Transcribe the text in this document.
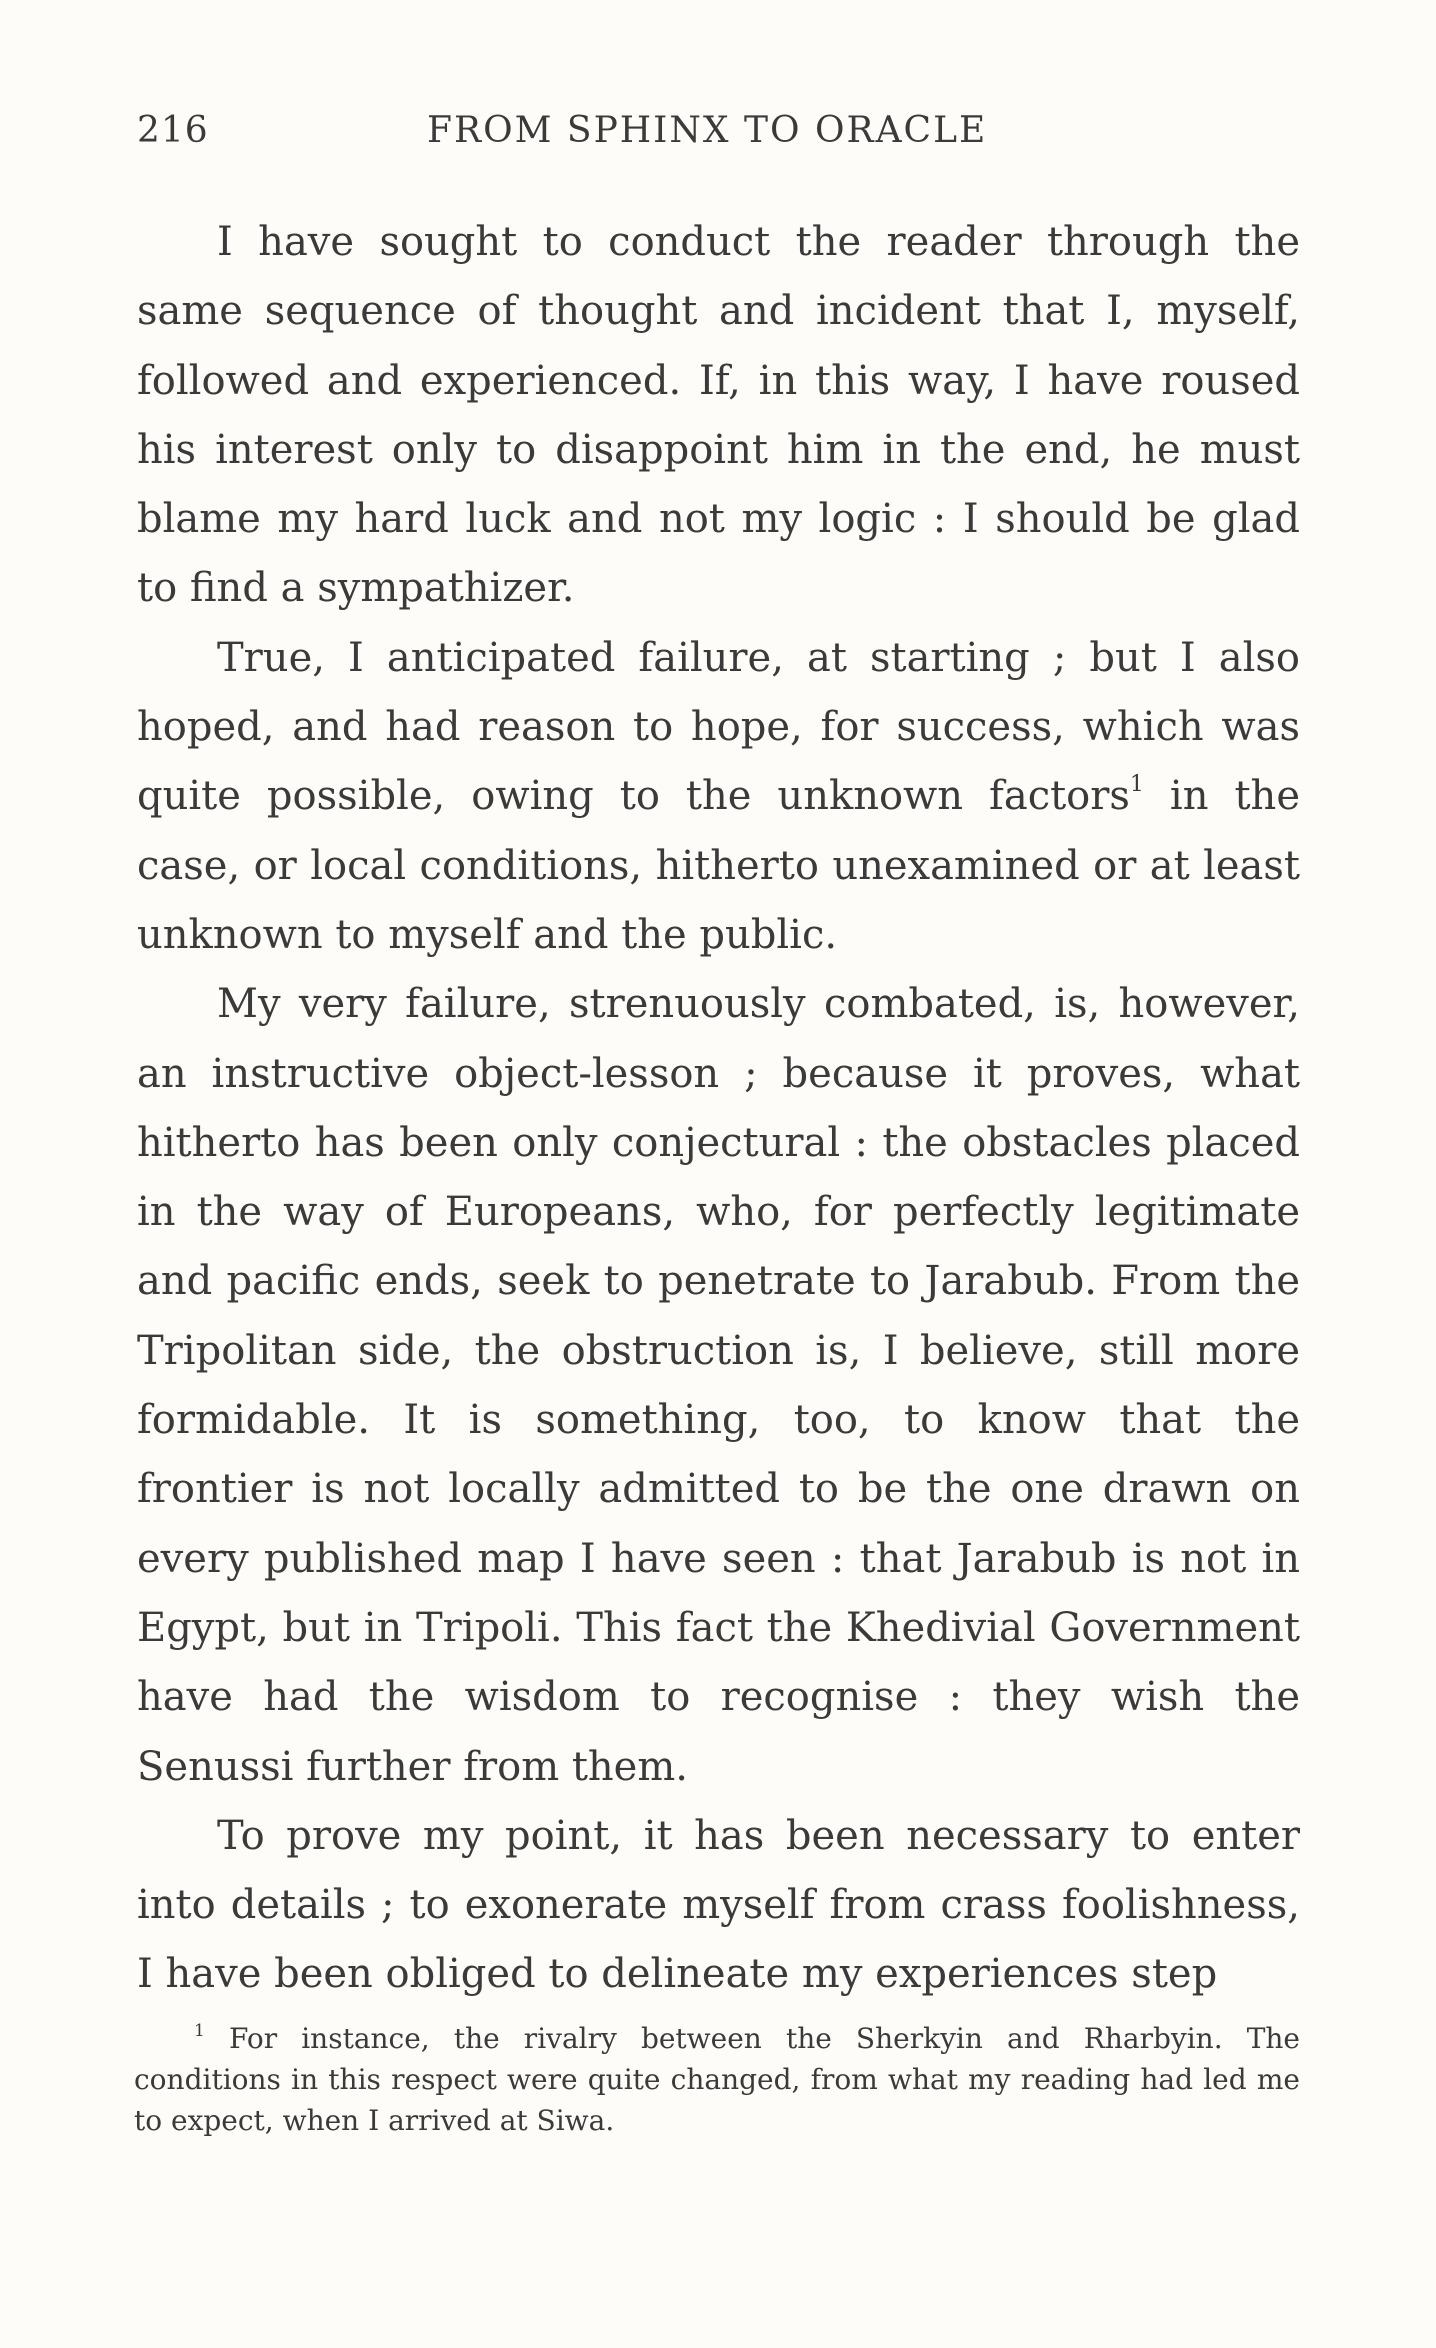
216	FROM SPHINX TO ORACLE

I have sought to conduct the reader through the same sequence of thought and incident that I, myself, followed and experienced. If, in this way, I have roused his interest only to disappoint him in the end, he must blame my hard luck and not my logic : I should be glad to find a sympathizer.

True, I anticipated failure, at starting ; but I also hoped, and had reason to hope, for success, which was quite possible, owing to the unknown factors$^1$ in the case, or local conditions, hitherto unexamined or at least unknown to myself and the public.

My very failure, strenuously combated, is, however, an instructive object-lesson ; because it proves, what hitherto has been only conjectural : the obstacles placed in the way of Europeans, who, for perfectly legitimate and pacific ends, seek to penetrate to Jarabub. From the Tripolitan side, the obstruction is, I believe, still more formidable. It is something, too, to know that the frontier is not locally admitted to be the one drawn on every published map I have seen : that Jarabub is not in Egypt, but in Tripoli. This fact the Khedivial Government have had the wisdom to recognise : they wish the Senussi further from them.

To prove my point, it has been necessary to enter into details ; to exonerate myself from crass foolishness, I have been obliged to delineate my experiences step

$^1$ For instance, the rivalry between the Sherkyin and Rharbyin. The conditions in this respect were quite changed, from what my reading had led me to expect, when I arrived at Siwa.
